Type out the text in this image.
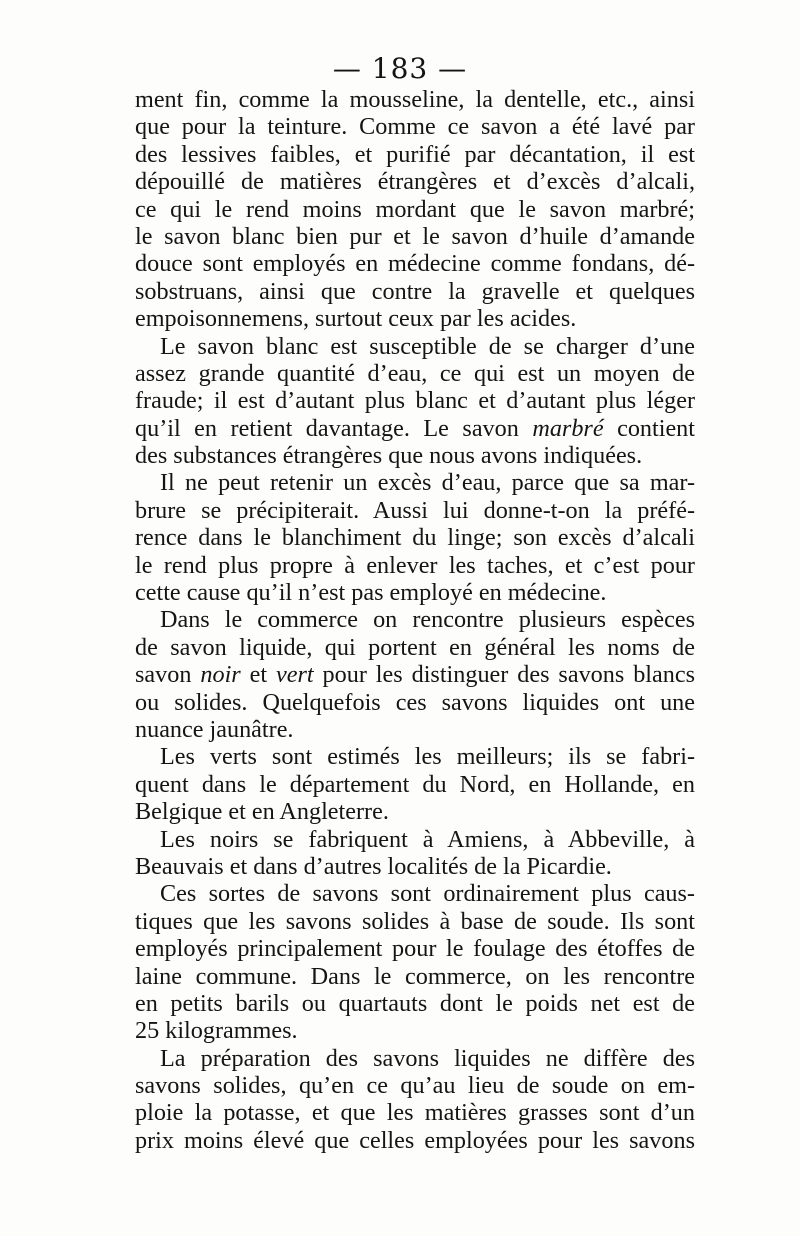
— 183 —
ment fin, comme la mousseline, la dentelle, etc., ainsi
que pour la teinture. Comme ce savon a été lavé par
des lessives faibles, et purifié par décantation, il est
dépouillé de matières étrangères et d’excès d’alcali,
ce qui le rend moins mordant que le savon marbré;
le savon blanc bien pur et le savon d’huile d’amande
douce sont employés en médecine comme fondans, dé-
sobstruans, ainsi que contre la gravelle et quelques
empoisonnemens, surtout ceux par les acides.
Le savon blanc est susceptible de se charger d’une
assez grande quantité d’eau, ce qui est un moyen de
fraude; il est d’autant plus blanc et d’autant plus léger
qu’il en retient davantage. Le savon marbré contient
des substances étrangères que nous avons indiquées.
Il ne peut retenir un excès d’eau, parce que sa mar-
brure se précipiterait. Aussi lui donne-t-on la préfé-
rence dans le blanchiment du linge; son excès d’alcali
le rend plus propre à enlever les taches, et c’est pour
cette cause qu’il n’est pas employé en médecine.
Dans le commerce on rencontre plusieurs espèces
de savon liquide, qui portent en général les noms de
savon noir et vert pour les distinguer des savons blancs
ou solides. Quelquefois ces savons liquides ont une
nuance jaunâtre.
Les verts sont estimés les meilleurs; ils se fabri-
quent dans le département du Nord, en Hollande, en
Belgique et en Angleterre.
Les noirs se fabriquent à Amiens, à Abbeville, à
Beauvais et dans d’autres localités de la Picardie.
Ces sortes de savons sont ordinairement plus caus-
tiques que les savons solides à base de soude. Ils sont
employés principalement pour le foulage des étoffes de
laine commune. Dans le commerce, on les rencontre
en petits barils ou quartauts dont le poids net est de
25 kilogrammes.
La préparation des savons liquides ne diffère des
savons solides, qu’en ce qu’au lieu de soude on em-
ploie la potasse, et que les matières grasses sont d’un
prix moins élevé que celles employées pour les savons
